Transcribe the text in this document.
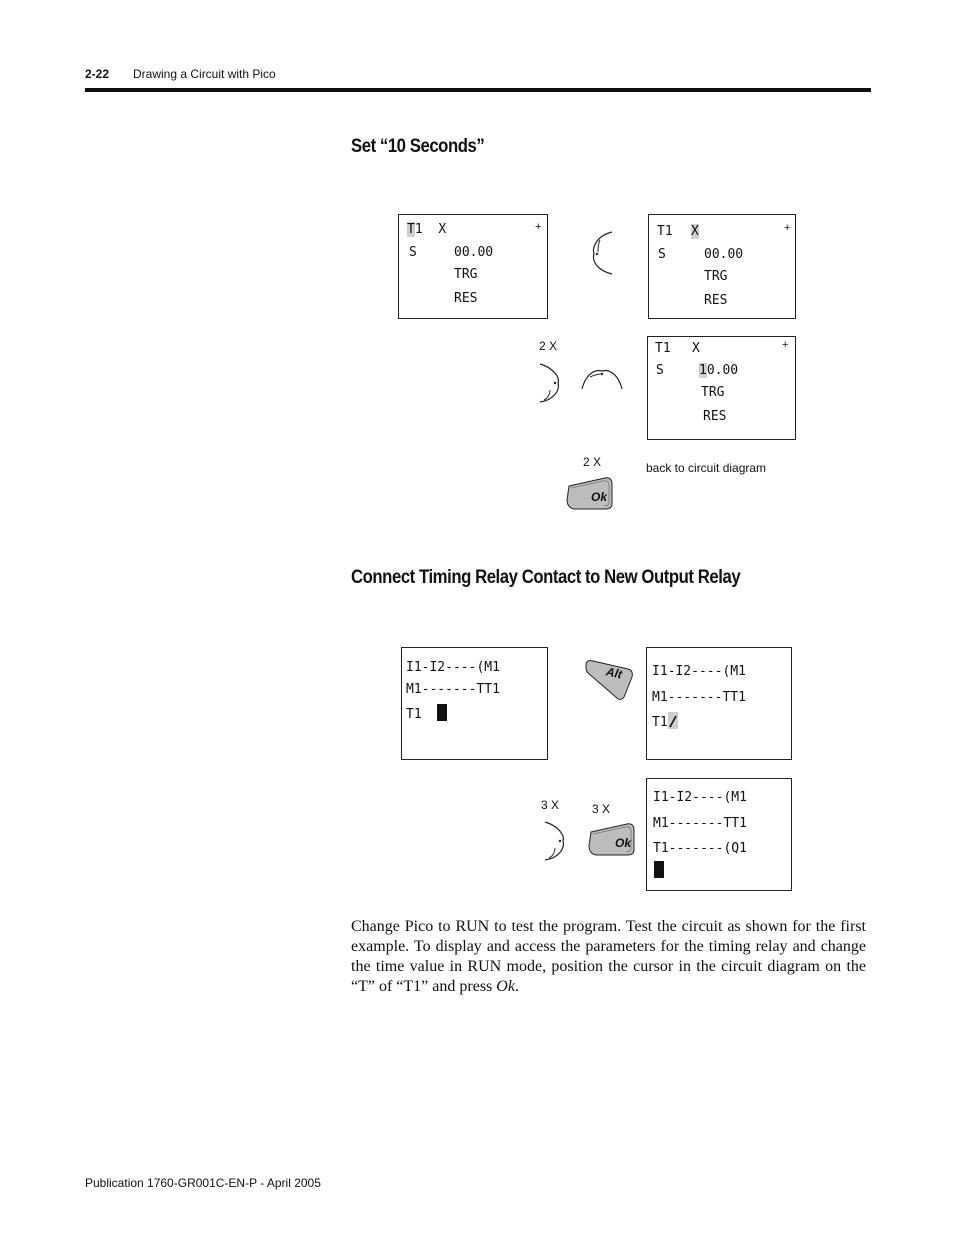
2-22 Drawing a Circuit with Pico
Set “10 Seconds”
T1  X	+
S	00.00
TRG
RES
T1 X	+
S	00.00
TRG
RES
2 X	T1 X	+
S	10.00
TRG
RES
2 X	back to circuit diagram
Ok
Connect Timing Relay Contact to New Output Relay
I1-I2----(M1
M1-------TT1
T1
Alt I1-I2----(M1
M1-------TT1
T1
3 X	3 X
Ok
I1-I2----(M1
M1-------TT1
T1-------(Q1
Change Pico to RUN to test the program. Test the circuit as shown for the first example. To display and access the parameters for the timing relay and change the time value in RUN mode, position the cursor in the circuit diagram on the “T” of “T1” and press Ok.
Publication 1760-GR001C-EN-P - April 2005
